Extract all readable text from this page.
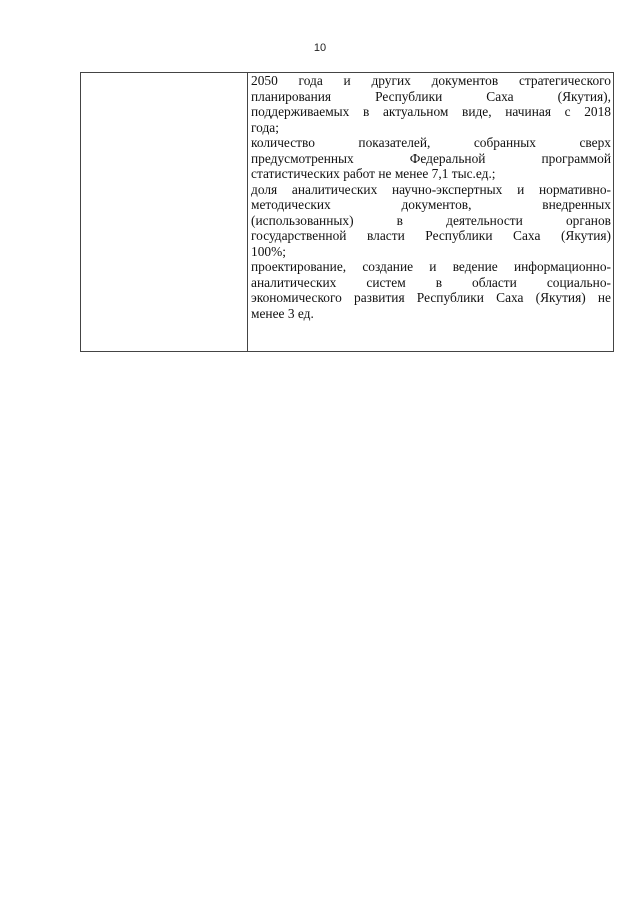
10
2050 года и других документов стратегического
планирования Республики Саха (Якутия),
поддерживаемых в актуальном виде, начиная с 2018
года;
количество показателей, собранных сверх
предусмотренных Федеральной программой
статистических работ не менее 7,1 тыс.ед.;
доля аналитических научно-экспертных и нормативно-
методических документов, внедренных
(использованных) в деятельности органов
государственной власти Республики Саха (Якутия)
100%;
проектирование, создание и ведение информационно-
аналитических систем в области социально-
экономического развития Республики Саха (Якутия) не
менее 3 ед.
